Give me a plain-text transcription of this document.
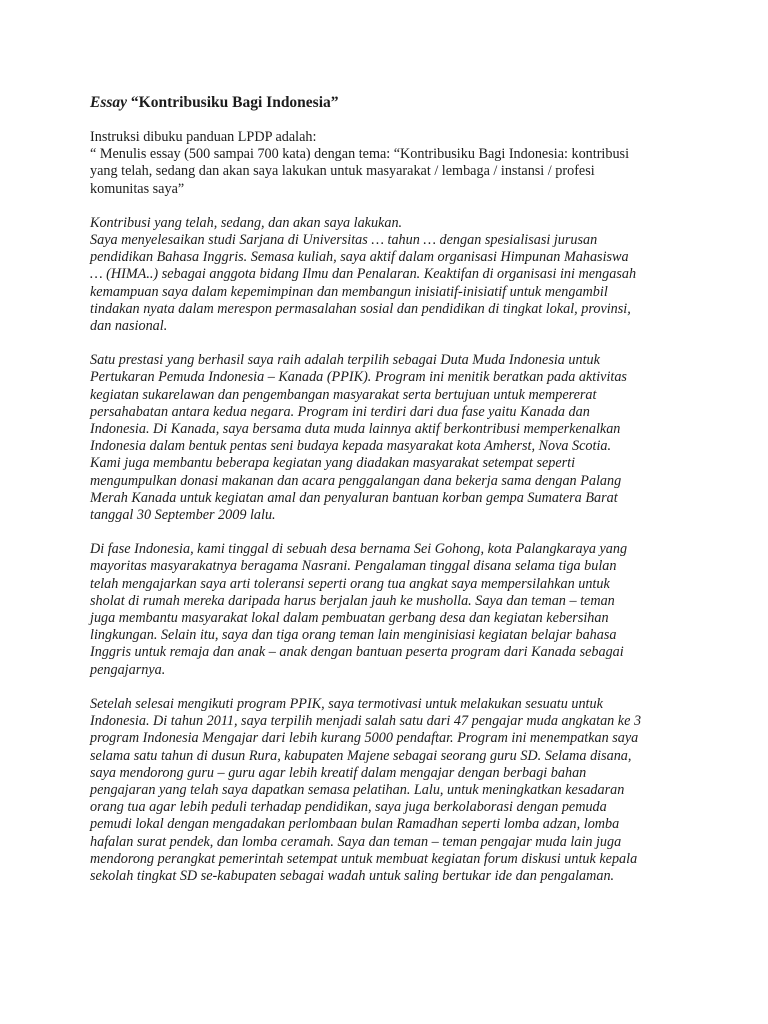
Essay “Kontribusiku Bagi Indonesia”

Instruksi dibuku panduan LPDP adalah:
“ Menulis essay (500 sampai 700 kata) dengan tema: “Kontribusiku Bagi Indonesia: kontribusi
yang telah, sedang dan akan saya lakukan untuk masyarakat / lembaga / instansi / profesi
komunitas saya”

Kontribusi yang telah, sedang, dan akan saya lakukan.
Saya menyelesaikan studi Sarjana di Universitas … tahun … dengan spesialisasi jurusan
pendidikan Bahasa Inggris. Semasa kuliah, saya aktif dalam organisasi Himpunan Mahasiswa
… (HIMA..) sebagai anggota bidang Ilmu dan Penalaran. Keaktifan di organisasi ini mengasah
kemampuan saya dalam kepemimpinan dan membangun inisiatif-inisiatif untuk mengambil
tindakan nyata dalam merespon permasalahan sosial dan pendidikan di tingkat lokal, provinsi,
dan nasional.

Satu prestasi yang berhasil saya raih adalah terpilih sebagai Duta Muda Indonesia untuk
Pertukaran Pemuda Indonesia – Kanada (PPIK). Program ini menitik beratkan pada aktivitas
kegiatan sukarelawan dan pengembangan masyarakat serta bertujuan untuk mempererat
persahabatan antara kedua negara. Program ini terdiri dari dua fase yaitu Kanada dan
Indonesia. Di Kanada, saya bersama duta muda lainnya aktif berkontribusi memperkenalkan
Indonesia dalam bentuk pentas seni budaya kepada masyarakat kota Amherst, Nova Scotia.
Kami juga membantu beberapa kegiatan yang diadakan masyarakat setempat seperti
mengumpulkan donasi makanan dan acara penggalangan dana bekerja sama dengan Palang
Merah Kanada untuk kegiatan amal dan penyaluran bantuan korban gempa Sumatera Barat
tanggal 30 September 2009 lalu.

Di fase Indonesia, kami tinggal di sebuah desa bernama Sei Gohong, kota Palangkaraya yang
mayoritas masyarakatnya beragama Nasrani. Pengalaman tinggal disana selama tiga bulan
telah mengajarkan saya arti toleransi seperti orang tua angkat saya mempersilahkan untuk
sholat di rumah mereka daripada harus berjalan jauh ke musholla. Saya dan teman – teman
juga membantu masyarakat lokal dalam pembuatan gerbang desa dan kegiatan kebersihan
lingkungan. Selain itu, saya dan tiga orang teman lain menginisiasi kegiatan belajar bahasa
Inggris untuk remaja dan anak – anak dengan bantuan peserta program dari Kanada sebagai
pengajarnya.

Setelah selesai mengikuti program PPIK, saya termotivasi untuk melakukan sesuatu untuk
Indonesia. Di tahun 2011, saya terpilih menjadi salah satu dari 47 pengajar muda angkatan ke 3
program Indonesia Mengajar dari lebih kurang 5000 pendaftar. Program ini menempatkan saya
selama satu tahun di dusun Rura, kabupaten Majene sebagai seorang guru SD. Selama disana,
saya mendorong guru – guru agar lebih kreatif dalam mengajar dengan berbagi bahan
pengajaran yang telah saya dapatkan semasa pelatihan. Lalu, untuk meningkatkan kesadaran
orang tua agar lebih peduli terhadap pendidikan, saya juga berkolaborasi dengan pemuda
pemudi lokal dengan mengadakan perlombaan bulan Ramadhan seperti lomba adzan, lomba
hafalan surat pendek, dan lomba ceramah. Saya dan teman – teman pengajar muda lain juga
mendorong perangkat pemerintah setempat untuk membuat kegiatan forum diskusi untuk kepala
sekolah tingkat SD se-kabupaten sebagai wadah untuk saling bertukar ide dan pengalaman.
